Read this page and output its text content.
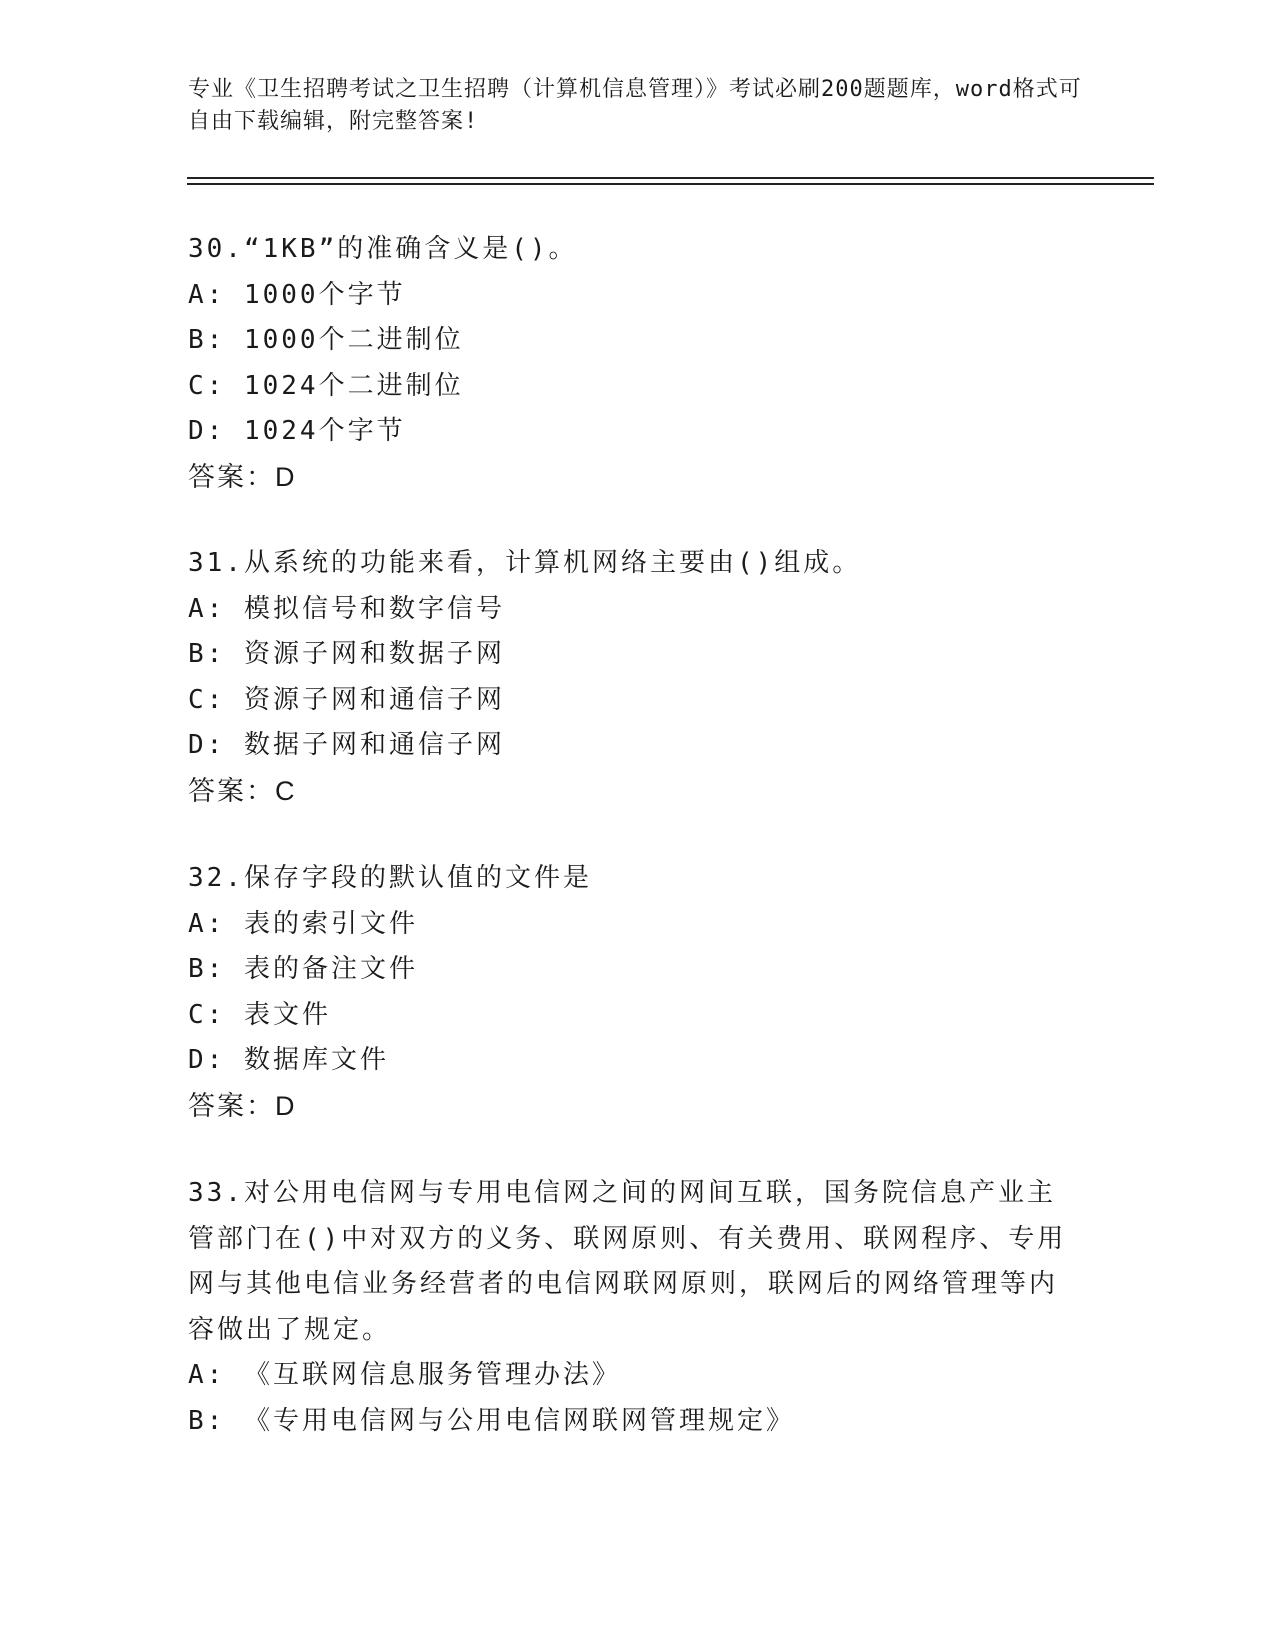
专业《卫生招聘考试之卫生招聘（计算机信息管理）》考试必刷200题题库，word格式可自由下载编辑，附完整答案!

30.“1KB”的准确含义是()。

A: 1000个字节

B: 1000个二进制位

C: 1024个二进制位

D: 1024个字节

答案：D

31.从系统的功能来看，计算机网络主要由()组成。

A: 模拟信号和数字信号

B: 资源子网和数据子网

C: 资源子网和通信子网

D: 数据子网和通信子网

答案：C

32.保存字段的默认值的文件是

A: 表的索引文件

B: 表的备注文件

C: 表文件

D: 数据库文件

答案：D

33.对公用电信网与专用电信网之间的网间互联，国务院信息产业主管部门在()中对双方的义务、联网原则、有关费用、联网程序、专用网与其他电信业务经营者的电信网联网原则，联网后的网络管理等内容做出了规定。

A: 《互联网信息服务管理办法》

B: 《专用电信网与公用电信网联网管理规定》
